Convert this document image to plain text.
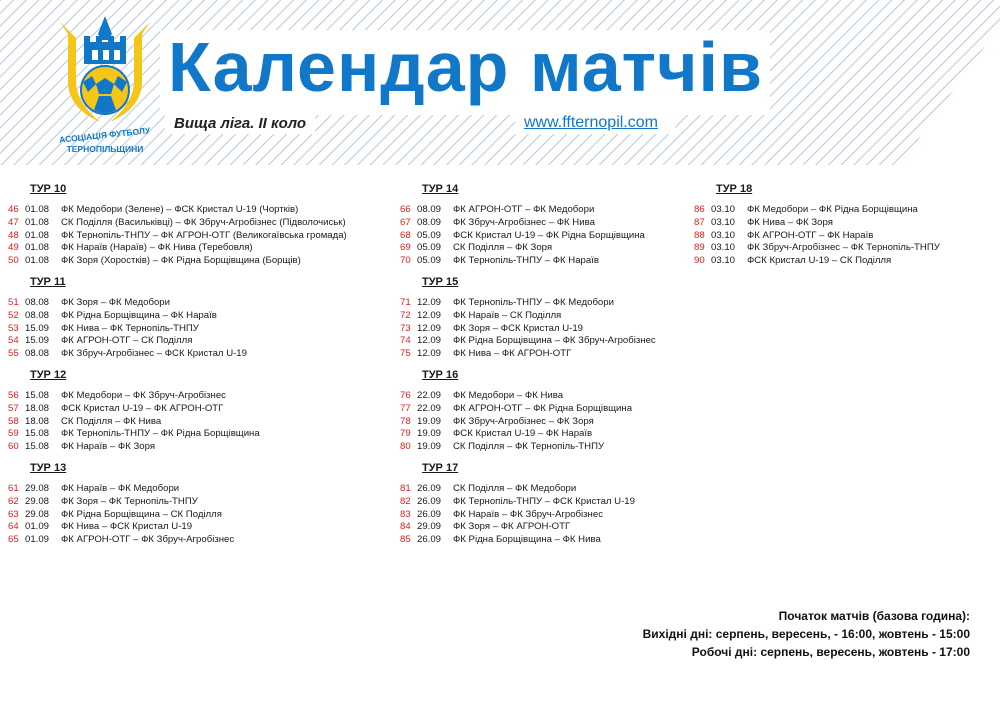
АСОЦІАЦІЯ ФУТБОЛУ
ТЕРНОПІЛЬЩИНИ
Календар матчів
Вища ліга. II коло	www.ffternopil.com
ТУР 10
46 01.08	ФК Медобори (Зелене) – ФСК Кристал U-19 (Чортків)
47 01.08	СК Поділля (Васильківці) – ФК Збруч-Агробізнес (Підволочиськ)
48 01.08	ФК Тернопіль-ТНПУ – ФК АГРОН-ОТГ (Великогаївська громада)
49 01.08	ФК Нараїв (Нараїв) – ФК Нива (Теребовля)
50 01.08	ФК Зоря (Хоростків) – ФК Рідна Борщівщина (Борщів)
ТУР 11
51 08.08	ФК Зоря – ФК Медобори
52 08.08	ФК Рідна Борщівщина – ФК Нараїв
53 15.09	ФК Нива – ФК Тернопіль-ТНПУ
54 15.09	ФК АГРОН-ОТГ – СК Поділля
55 08.08	ФК Збруч-Агробізнес – ФСК Кристал U-19
ТУР 12
56 15.08	ФК Медобори – ФК Збруч-Агробізнес
57 18.08	ФСК Кристал U-19 – ФК АГРОН-ОТГ
58 18.08	СК Поділля – ФК Нива
59 15.08	ФК Тернопіль-ТНПУ – ФК Рідна Борщівщина
60 15.08	ФК Нараїв – ФК Зоря
ТУР 13
61 29.08	ФК Нараїв – ФК Медобори
62 29.08	ФК Зоря – ФК Тернопіль-ТНПУ
63 29.08	ФК Рідна Борщівщина – СК Поділля
64 01.09	ФК Нива – ФСК Кристал U-19
65 01.09	ФК АГРОН-ОТГ – ФК Збруч-Агробізнес
ТУР 14
66 08.09	ФК АГРОН-ОТГ – ФК Медобори
67 08.09	ФК Збруч-Агробізнес – ФК Нива
68 05.09	ФСК Кристал U-19 – ФК Рідна Борщівщина
69 05.09	СК Поділля – ФК Зоря
70 05.09	ФК Тернопіль-ТНПУ – ФК Нараїв
ТУР 15
71 12.09	ФК Тернопіль-ТНПУ – ФК Медобори
72 12.09	ФК Нараїв – СК Поділля
73 12.09	ФК Зоря – ФСК Кристал U-19
74 12.09	ФК Рідна Борщівщина – ФК Збруч-Агробізнес
75 12.09	ФК Нива – ФК АГРОН-ОТГ
ТУР 16
76 22.09	ФК Медобори – ФК Нива
77 22.09	ФК АГРОН-ОТГ – ФК Рідна Борщівщина
78 19.09	ФК Збруч-Агробізнес – ФК Зоря
79 19.09	ФСК Кристал U-19 – ФК Нараїв
80 19.09	СК Поділля – ФК Тернопіль-ТНПУ
ТУР 17
81 26.09	СК Поділля – ФК Медобори
82 26.09	ФК Тернопіль-ТНПУ – ФСК Кристал U-19
83 26.09	ФК Нараїв – ФК Збруч-Агробізнес
84 29.09	ФК Зоря – ФК АГРОН-ОТГ
85 26.09	ФК Рідна Борщівщина – ФК Нива
ТУР 18
86 03.10	ФК Медобори – ФК Рідна Борщівщина
87 03.10	ФК Нива – ФК Зоря
88 03.10	ФК АГРОН-ОТГ – ФК Нараїв
89 03.10	ФК Збруч-Агробізнес – ФК Тернопіль-ТНПУ
90 03.10	ФСК Кристал U-19 – СК Поділля
Початок матчів (базова година):
Вихідні дні: серпень, вересень, - 16:00, жовтень - 15:00
Робочі дні: серпень, вересень, жовтень - 17:00
